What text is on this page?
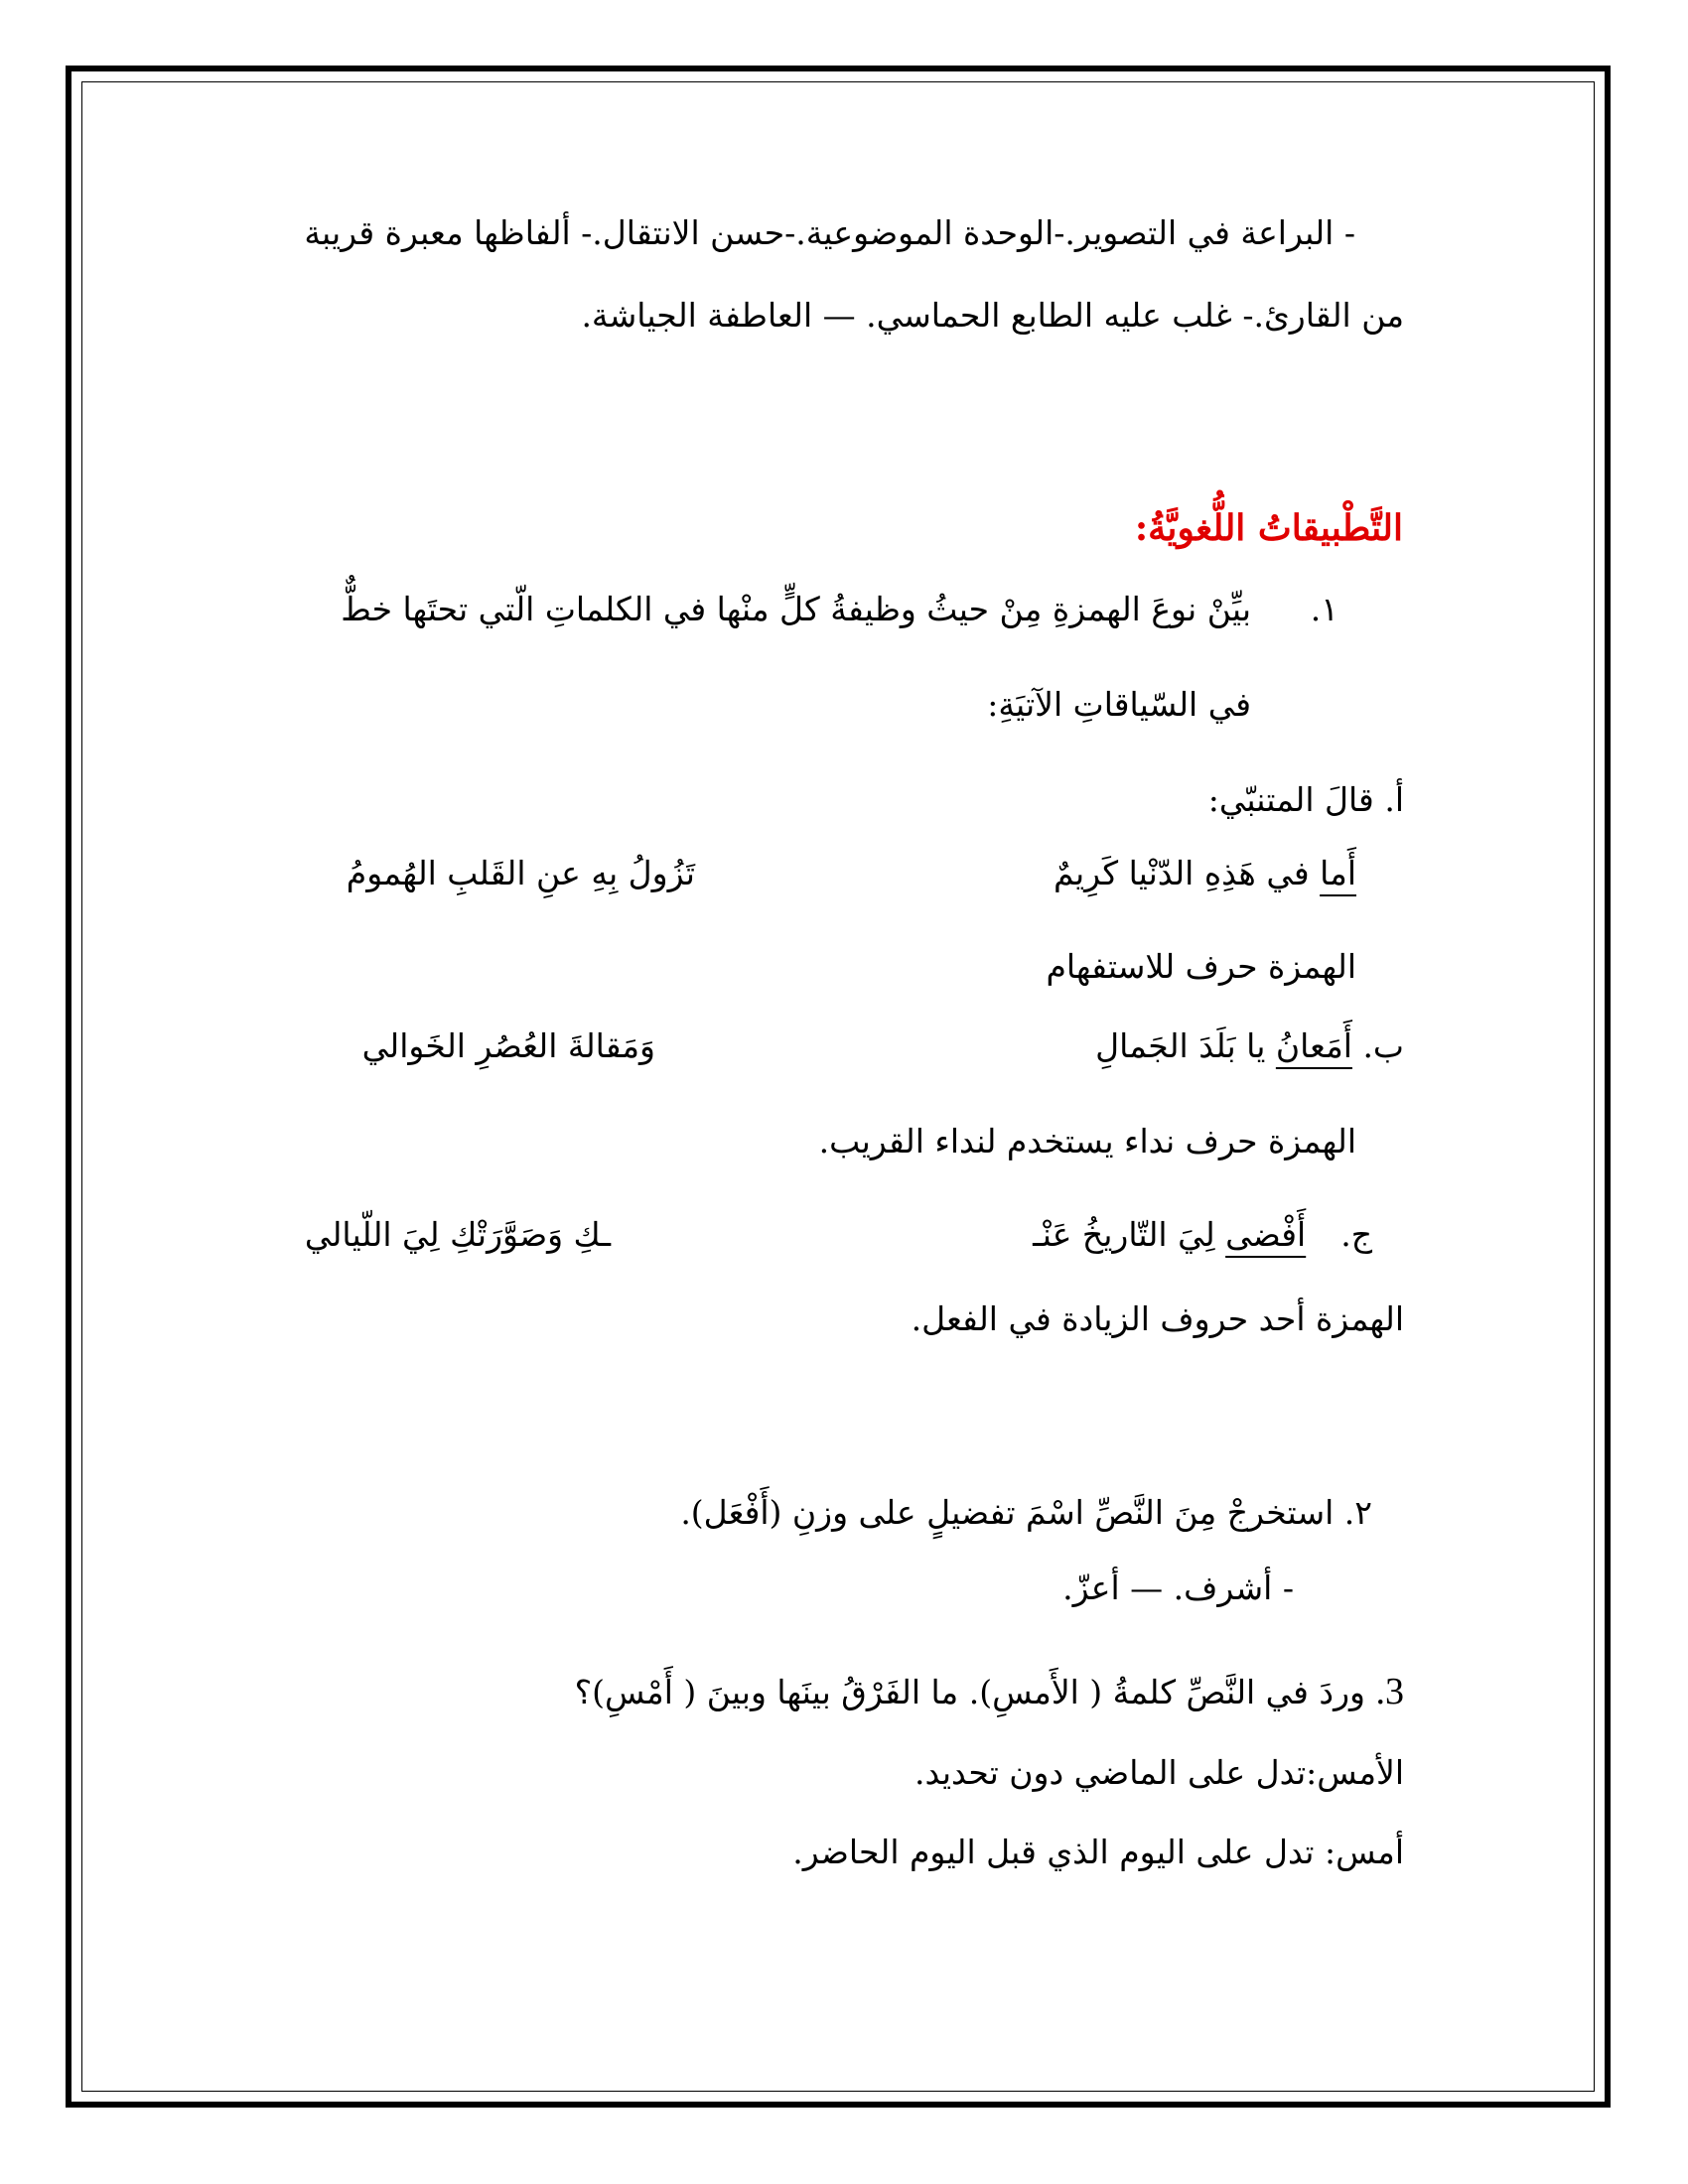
- البراعة في التصوير.-الوحدة الموضوعية.-حسن الانتقال.- ألفاظها معبرة قريبة
من القارئ.- غلب عليه الطابع الحماسي. — العاطفة الجياشة.
التَّطْبيقاتُ اللُّغويَّةُ:
١.
بيِّنْ نوعَ الهمزةِ مِنْ حيثُ وظيفةُ كلٍّ منْها في الكلماتِ الّتي تحتَها خطٌّ
في السّياقاتِ الآتيَةِ:
أ. قالَ المتنبّي:
أَما في هَذِهِ الدّنْيا كَرِيمٌ
تَزُولُ بِهِ عنِ القَلبِ الهُمومُ
الهمزة حرف للاستفهام
ب. أَمَعانُ يا بَلَدَ الجَمالِ
وَمَقالةَ العُصُرِ الخَوالي
الهمزة حرف نداء يستخدم لنداء القريب.
ج.  أَفْضى لِيَ التّاريخُ عَنْـ
ـكِ وَصَوَّرَتْكِ لِيَ اللّيالي
الهمزة أحد حروف الزيادة في الفعل.
٢. استخرجْ مِنَ النَّصِّ اسْمَ تفضيلٍ على وزنِ (أَفْعَل).
- أشرف. — أعزّ.
3. وردَ في النَّصِّ كلمةُ ( الأَمسِ). ما الفَرْقُ بينَها وبينَ ( أَمْسِ)؟
الأمس:تدل على الماضي دون تحديد.
أمس: تدل على اليوم الذي قبل اليوم الحاضر.
